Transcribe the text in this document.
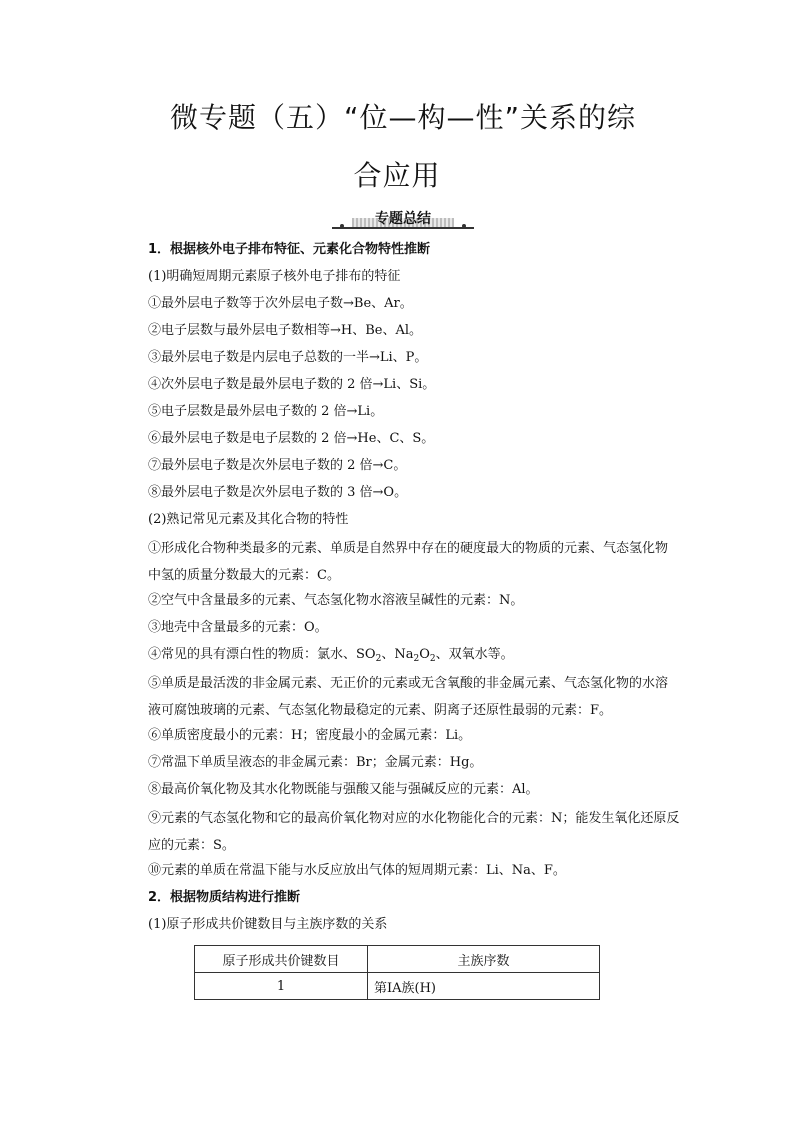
微专题（五）“位—构—性”关系的综
合应用
专题总结
1．根据核外电子排布特征、元素化合物特性推断
(1)明确短周期元素原子核外电子排布的特征
①最外层电子数等于次外层电子数→Be、Ar。
②电子层数与最外层电子数相等→H、Be、Al。
③最外层电子数是内层电子总数的一半→Li、P。
④次外层电子数是最外层电子数的 2 倍→Li、Si。
⑤电子层数是最外层电子数的 2 倍→Li。
⑥最外层电子数是电子层数的 2 倍→He、C、S。
⑦最外层电子数是次外层电子数的 2 倍→C。
⑧最外层电子数是次外层电子数的 3 倍→O。
(2)熟记常见元素及其化合物的特性
①形成化合物种类最多的元素、单质是自然界中存在的硬度最大的物质的元素、气态氢化物中氢的质量分数最大的元素：C。
②空气中含量最多的元素、气态氢化物水溶液呈碱性的元素：N。
③地壳中含量最多的元素：O。
④常见的具有漂白性的物质：氯水、$SO_2$、$Na_2O_2$、双氧水等。
⑤单质是最活泼的非金属元素、无正价的元素或无含氧酸的非金属元素、气态氢化物的水溶液可腐蚀玻璃的元素、气态氢化物最稳定的元素、阴离子还原性最弱的元素：F。
⑥单质密度最小的元素：H；密度最小的金属元素：Li。
⑦常温下单质呈液态的非金属元素：Br；金属元素：Hg。
⑧最高价氧化物及其水化物既能与强酸又能与强碱反应的元素：Al。
⑨元素的气态氢化物和它的最高价氧化物对应的水化物能化合的元素：N；能发生氧化还原反应的元素：S。
⑩元素的单质在常温下能与水反应放出气体的短周期元素：Li、Na、F。
2．根据物质结构进行推断
(1)原子形成共价键数目与主族序数的关系
原子形成共价键数目	主族序数
1	第ⅠA族(H)
